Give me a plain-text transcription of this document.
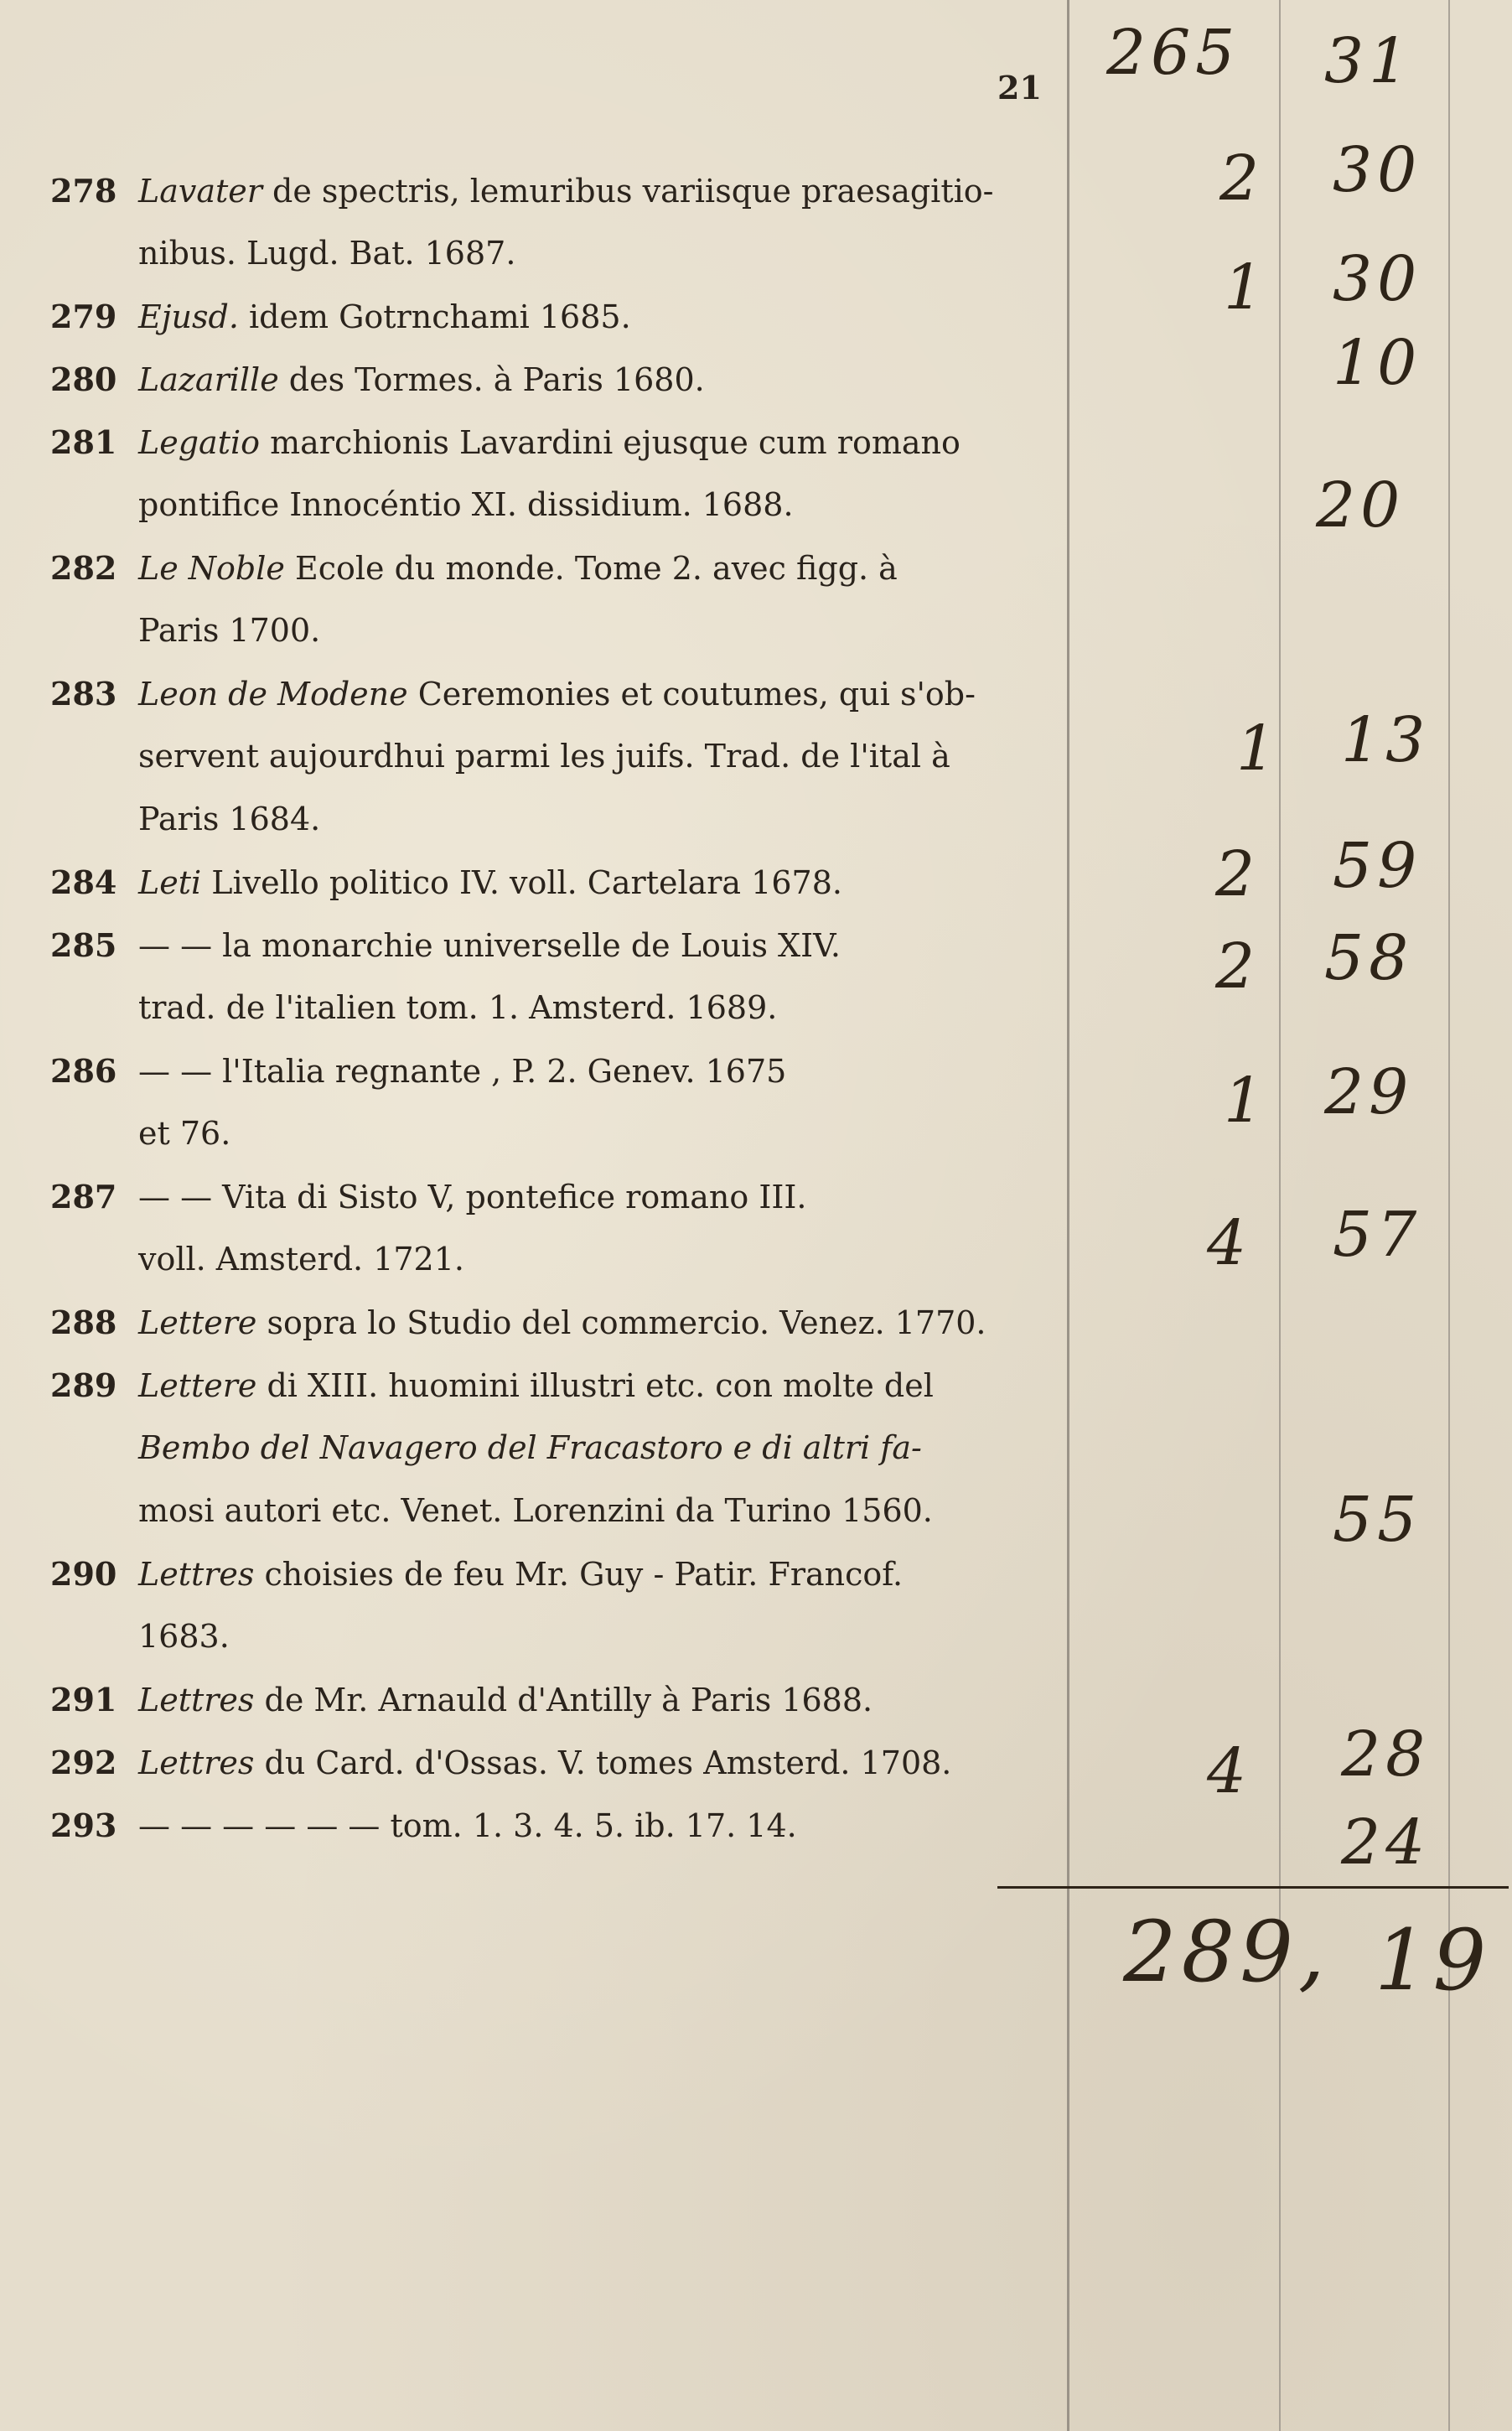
21
278 Lavater de spectris, lemuribus variisque praesagitio-
nibus. Lugd. Bat. 1687.
279 Ejusd. idem Gotrnchami 1685.
280 Lazarille des Tormes. à Paris 1680.
281 Legatio marchionis Lavardini ejusque cum romano
pontifice Innocéntio XI. dissidium. 1688.
282 Le Noble Ecole du monde. Tome 2. avec figg. à
Paris 1700.
283 Leon de Modene Ceremonies et coutumes, qui s'ob-
servent aujourdhui parmi les juifs. Trad. de l'ital à
Paris 1684.
284 Leti Livello politico IV. voll. Cartelara 1678.
285 — — la monarchie universelle de Louis XIV.
trad. de l'italien tom. 1. Amsterd. 1689.
286 — — l'Italia regnante , P. 2. Genev. 1675
et 76.
287 — — Vita di Sisto V, pontefice romano III.
voll. Amsterd. 1721.
288 Lettere sopra lo Studio del commercio. Venez. 1770.
289 Lettere di XIII. huomini illustri etc. con molte del
Bembo del Navagero del Fracastoro e di altri fa-
mosi autori etc. Venet. Lorenzini da Turino 1560.
290 Lettres choisies de feu Mr. Guy - Patir. Francof.
1683.
291 Lettres de Mr. Arnauld d'Antilly à Paris 1688.
292 Lettres du Card. d'Ossas. V. tomes Amsterd. 1708.
293 — — — — — — tom. 1. 3. 4. 5. ib. 17. 14.
265 31
2 30
1 30
10
20
1 13
2 59
2 58
1 29
4 57
55
4 28
24
289, 19
